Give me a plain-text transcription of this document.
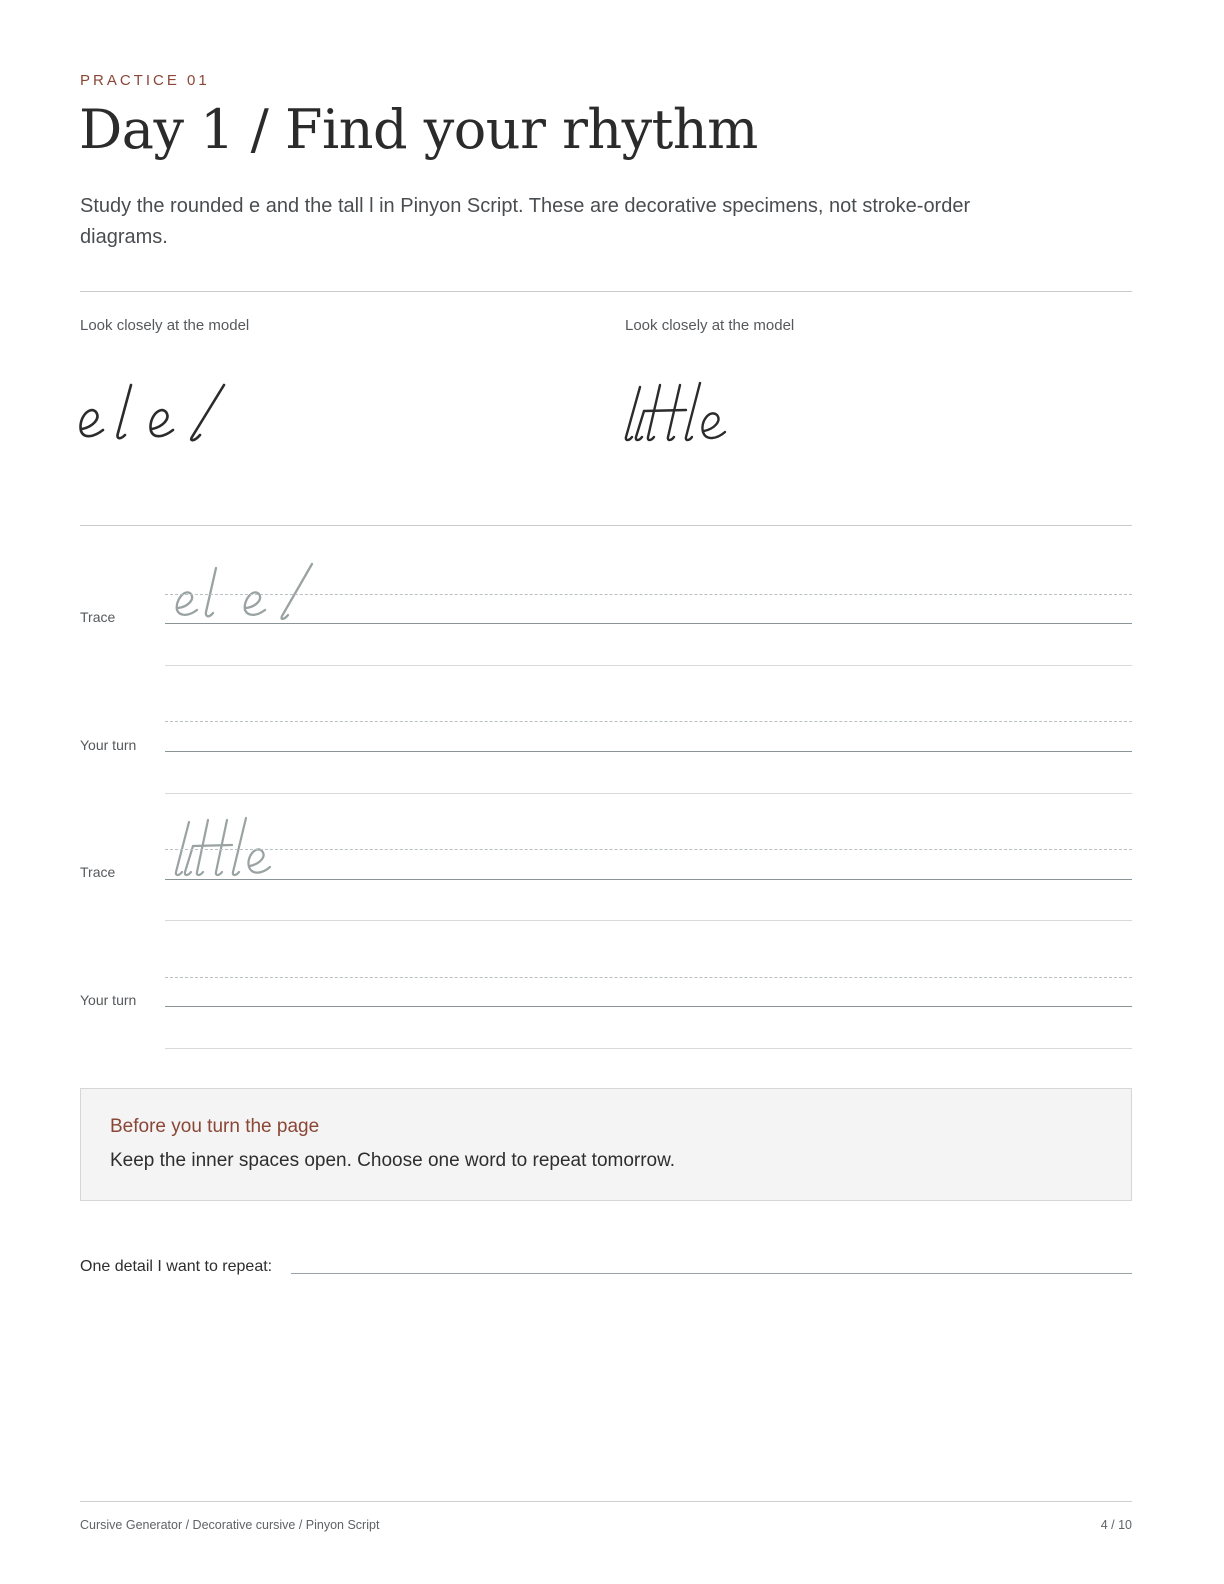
PRACTICE 01
Day 1 / Find your rhythm
Study the rounded e and the tall l in Pinyon Script. These are decorative specimens, not stroke-order diagrams.
Look closely at the model	Look closely at the model
Trace
Your turn
Trace
Your turn
Before you turn the page
Keep the inner spaces open. Choose one word to repeat tomorrow.
One detail I want to repeat:
Cursive Generator / Decorative cursive / Pinyon Script	4 / 10
